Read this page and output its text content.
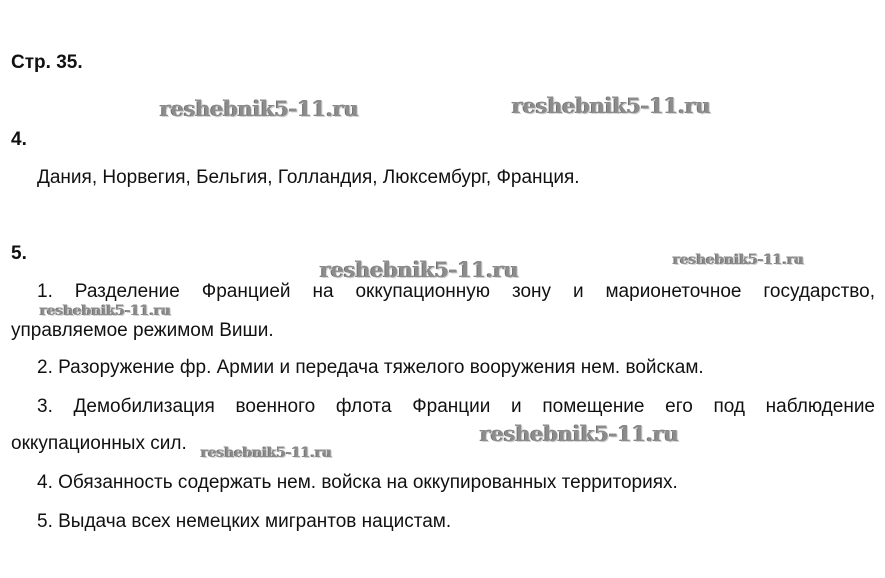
Стр. 35.
reshebnik5-11.ru	reshebnik5-11.ru
reshebnik5-11.ru	reshebnik5-11.ru
reshebnik5-11.ru
reshebnik5-11.ru
reshebnik5-11.ru
4.
Дания, Норвегия, Бельгия, Голландия, Люксембург, Франция.
5.
1. Разделение Францией на оккупационную зону и марионеточное государство,
управляемое режимом Виши.
2. Разоружение фр. Армии и передача тяжелого вооружения нем. войскам.
3. Демобилизация военного флота Франции и помещение его под наблюдение
оккупационных сил.
4. Обязанность содержать нем. войска на оккупированных территориях.
5. Выдача всех немецких мигрантов нацистам.
